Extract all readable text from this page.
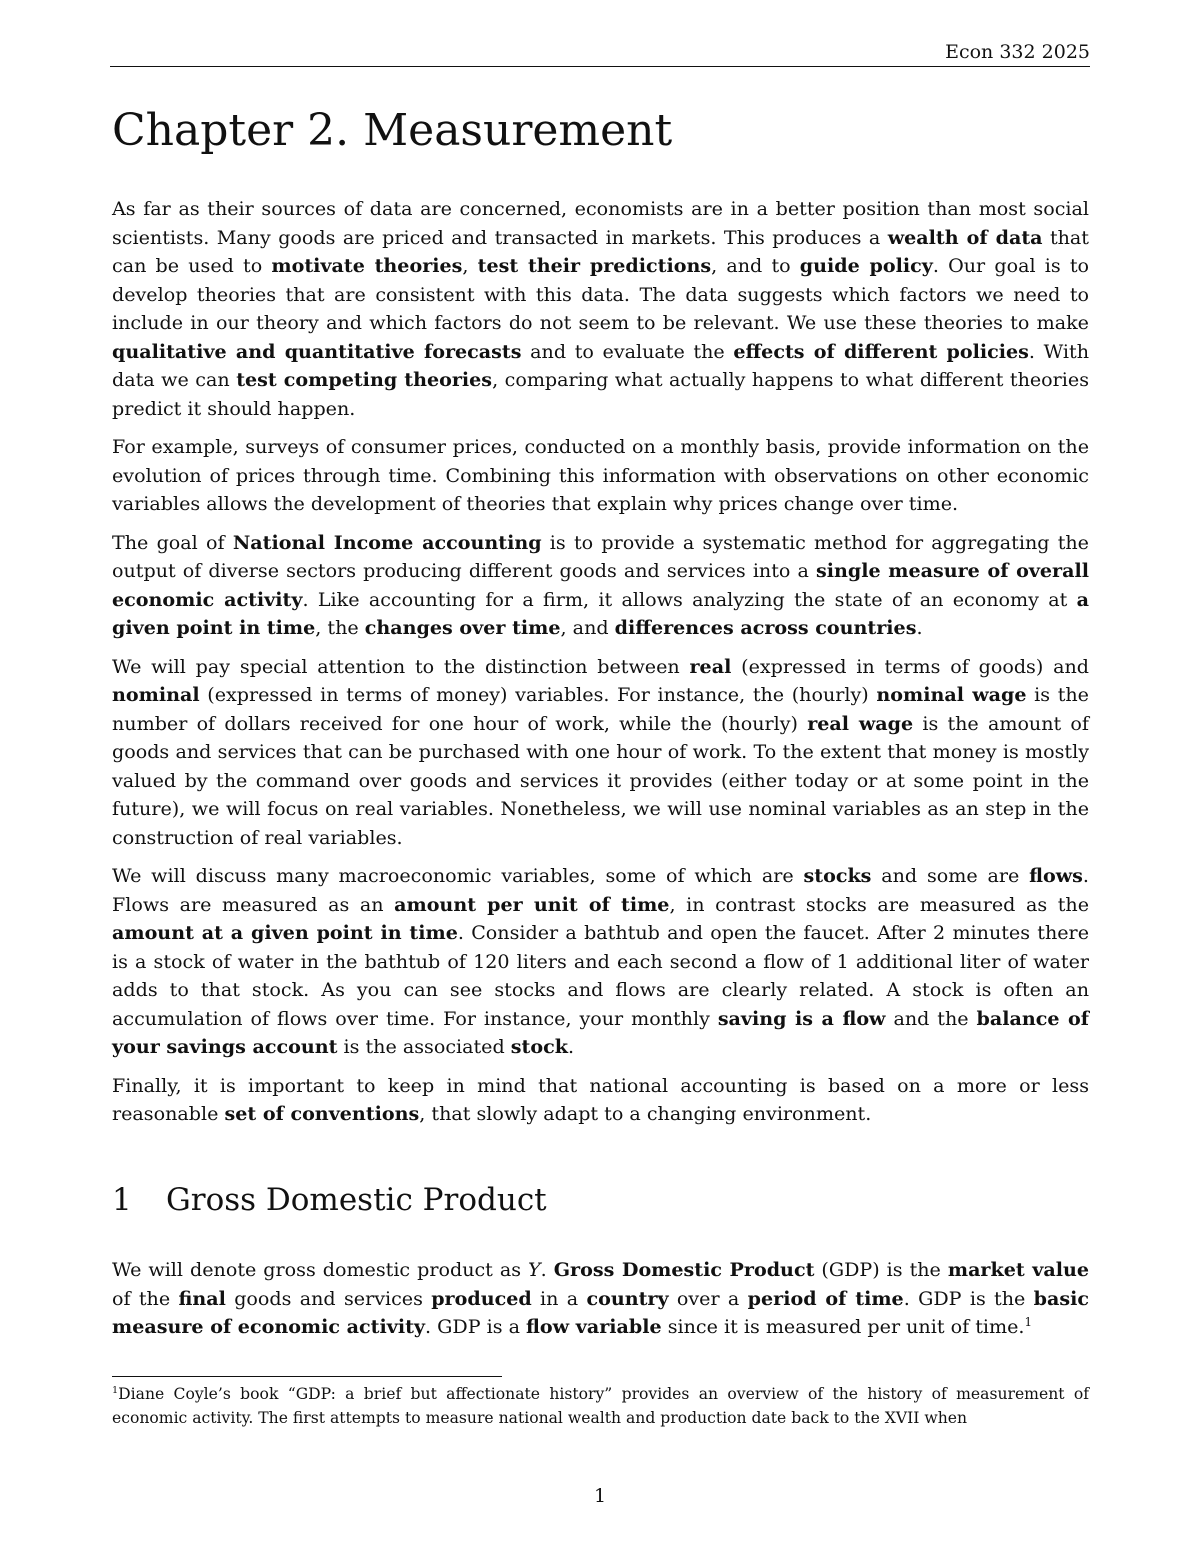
Econ 332 2025
Chapter 2. Measurement

As far as their sources of data are concerned, economists are in a better position than most social scientists. Many goods are priced and transacted in markets. This produces a wealth of data that can be used to motivate theories, test their predictions, and to guide policy. Our goal is to develop theories that are consistent with this data. The data suggests which factors we need to include in our theory and which factors do not seem to be relevant. We use these theories to make qualitative and quantitative forecasts and to evaluate the effects of different policies. With data we can test competing theories, comparing what actually happens to what different theories predict it should happen.

For example, surveys of consumer prices, conducted on a monthly basis, provide information on the evolution of prices through time. Combining this information with observations on other economic variables allows the development of theories that explain why prices change over time.

The goal of National Income accounting is to provide a systematic method for aggregating the output of diverse sectors producing different goods and services into a single measure of overall economic activity. Like accounting for a firm, it allows analyzing the state of an economy at a given point in time, the changes over time, and differences across countries.

We will pay special attention to the distinction between real (expressed in terms of goods) and nominal (expressed in terms of money) variables. For instance, the (hourly) nominal wage is the number of dollars received for one hour of work, while the (hourly) real wage is the amount of goods and services that can be purchased with one hour of work. To the extent that money is mostly valued by the command over goods and services it provides (either today or at some point in the future), we will focus on real variables. Nonetheless, we will use nominal variables as an step in the construction of real variables.

We will discuss many macroeconomic variables, some of which are stocks and some are flows. Flows are measured as an amount per unit of time, in contrast stocks are measured as the amount at a given point in time. Consider a bathtub and open the faucet. After 2 minutes there is a stock of water in the bathtub of 120 liters and each second a flow of 1 additional liter of water adds to that stock. As you can see stocks and flows are clearly related. A stock is often an accumulation of flows over time. For instance, your monthly saving is a flow and the balance of your savings account is the associated stock.

Finally, it is important to keep in mind that national accounting is based on a more or less reasonable set of conventions, that slowly adapt to a changing environment.

1 Gross Domestic Product

We will denote gross domestic product as Y. Gross Domestic Product (GDP) is the market value of the final goods and services produced in a country over a period of time. GDP is the basic measure of economic activity. GDP is a flow variable since it is measured per unit of time.$^1$

$^1$Diane Coyle’s book “GDP: a brief but affectionate history” provides an overview of the history of measurement of economic activity. The first attempts to measure national wealth and production date back to the XVII when

1
